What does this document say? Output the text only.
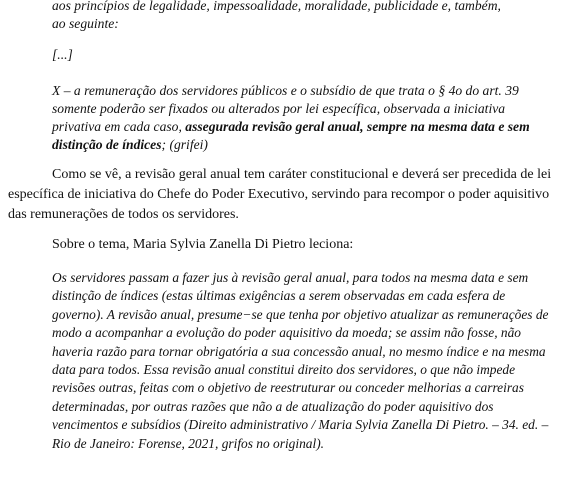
aos princípios de legalidade, impessoalidade, moralidade, publicidade e, também,

ao seguinte:

[...]

X – a remuneração dos servidores públicos e o subsídio de que trata o § 4o do art. 39 somente poderão ser fixados ou alterados por lei específica, observada a iniciativa privativa em cada caso, assegurada revisão geral anual, sempre na mesma data e sem distinção de índices; (grifei)

Como se vê, a revisão geral anual tem caráter constitucional e deverá ser precedida de lei específica de iniciativa do Chefe do Poder Executivo, servindo para recompor o poder aquisitivo das remunerações de todos os servidores.

Sobre o tema, Maria Sylvia Zanella Di Pietro leciona:

Os servidores passam a fazer jus à revisão geral anual, para todos na mesma data e sem distinção de índices (estas últimas exigências a serem observadas em cada esfera de governo). A revisão anual, presume−se que tenha por objetivo atualizar as remunerações de modo a acompanhar a evolução do poder aquisitivo da moeda; se assim não fosse, não haveria razão para tornar obrigatória a sua concessão anual, no mesmo índice e na mesma data para todos. Essa revisão anual constitui direito dos servidores, o que não impede revisões outras, feitas com o objetivo de reestruturar ou conceder melhorias a carreiras determinadas, por outras razões que não a de atualização do poder aquisitivo dos vencimentos e subsídios (Direito administrativo / Maria Sylvia Zanella Di Pietro. – 34. ed. – Rio de Janeiro: Forense, 2021, grifos no original).
